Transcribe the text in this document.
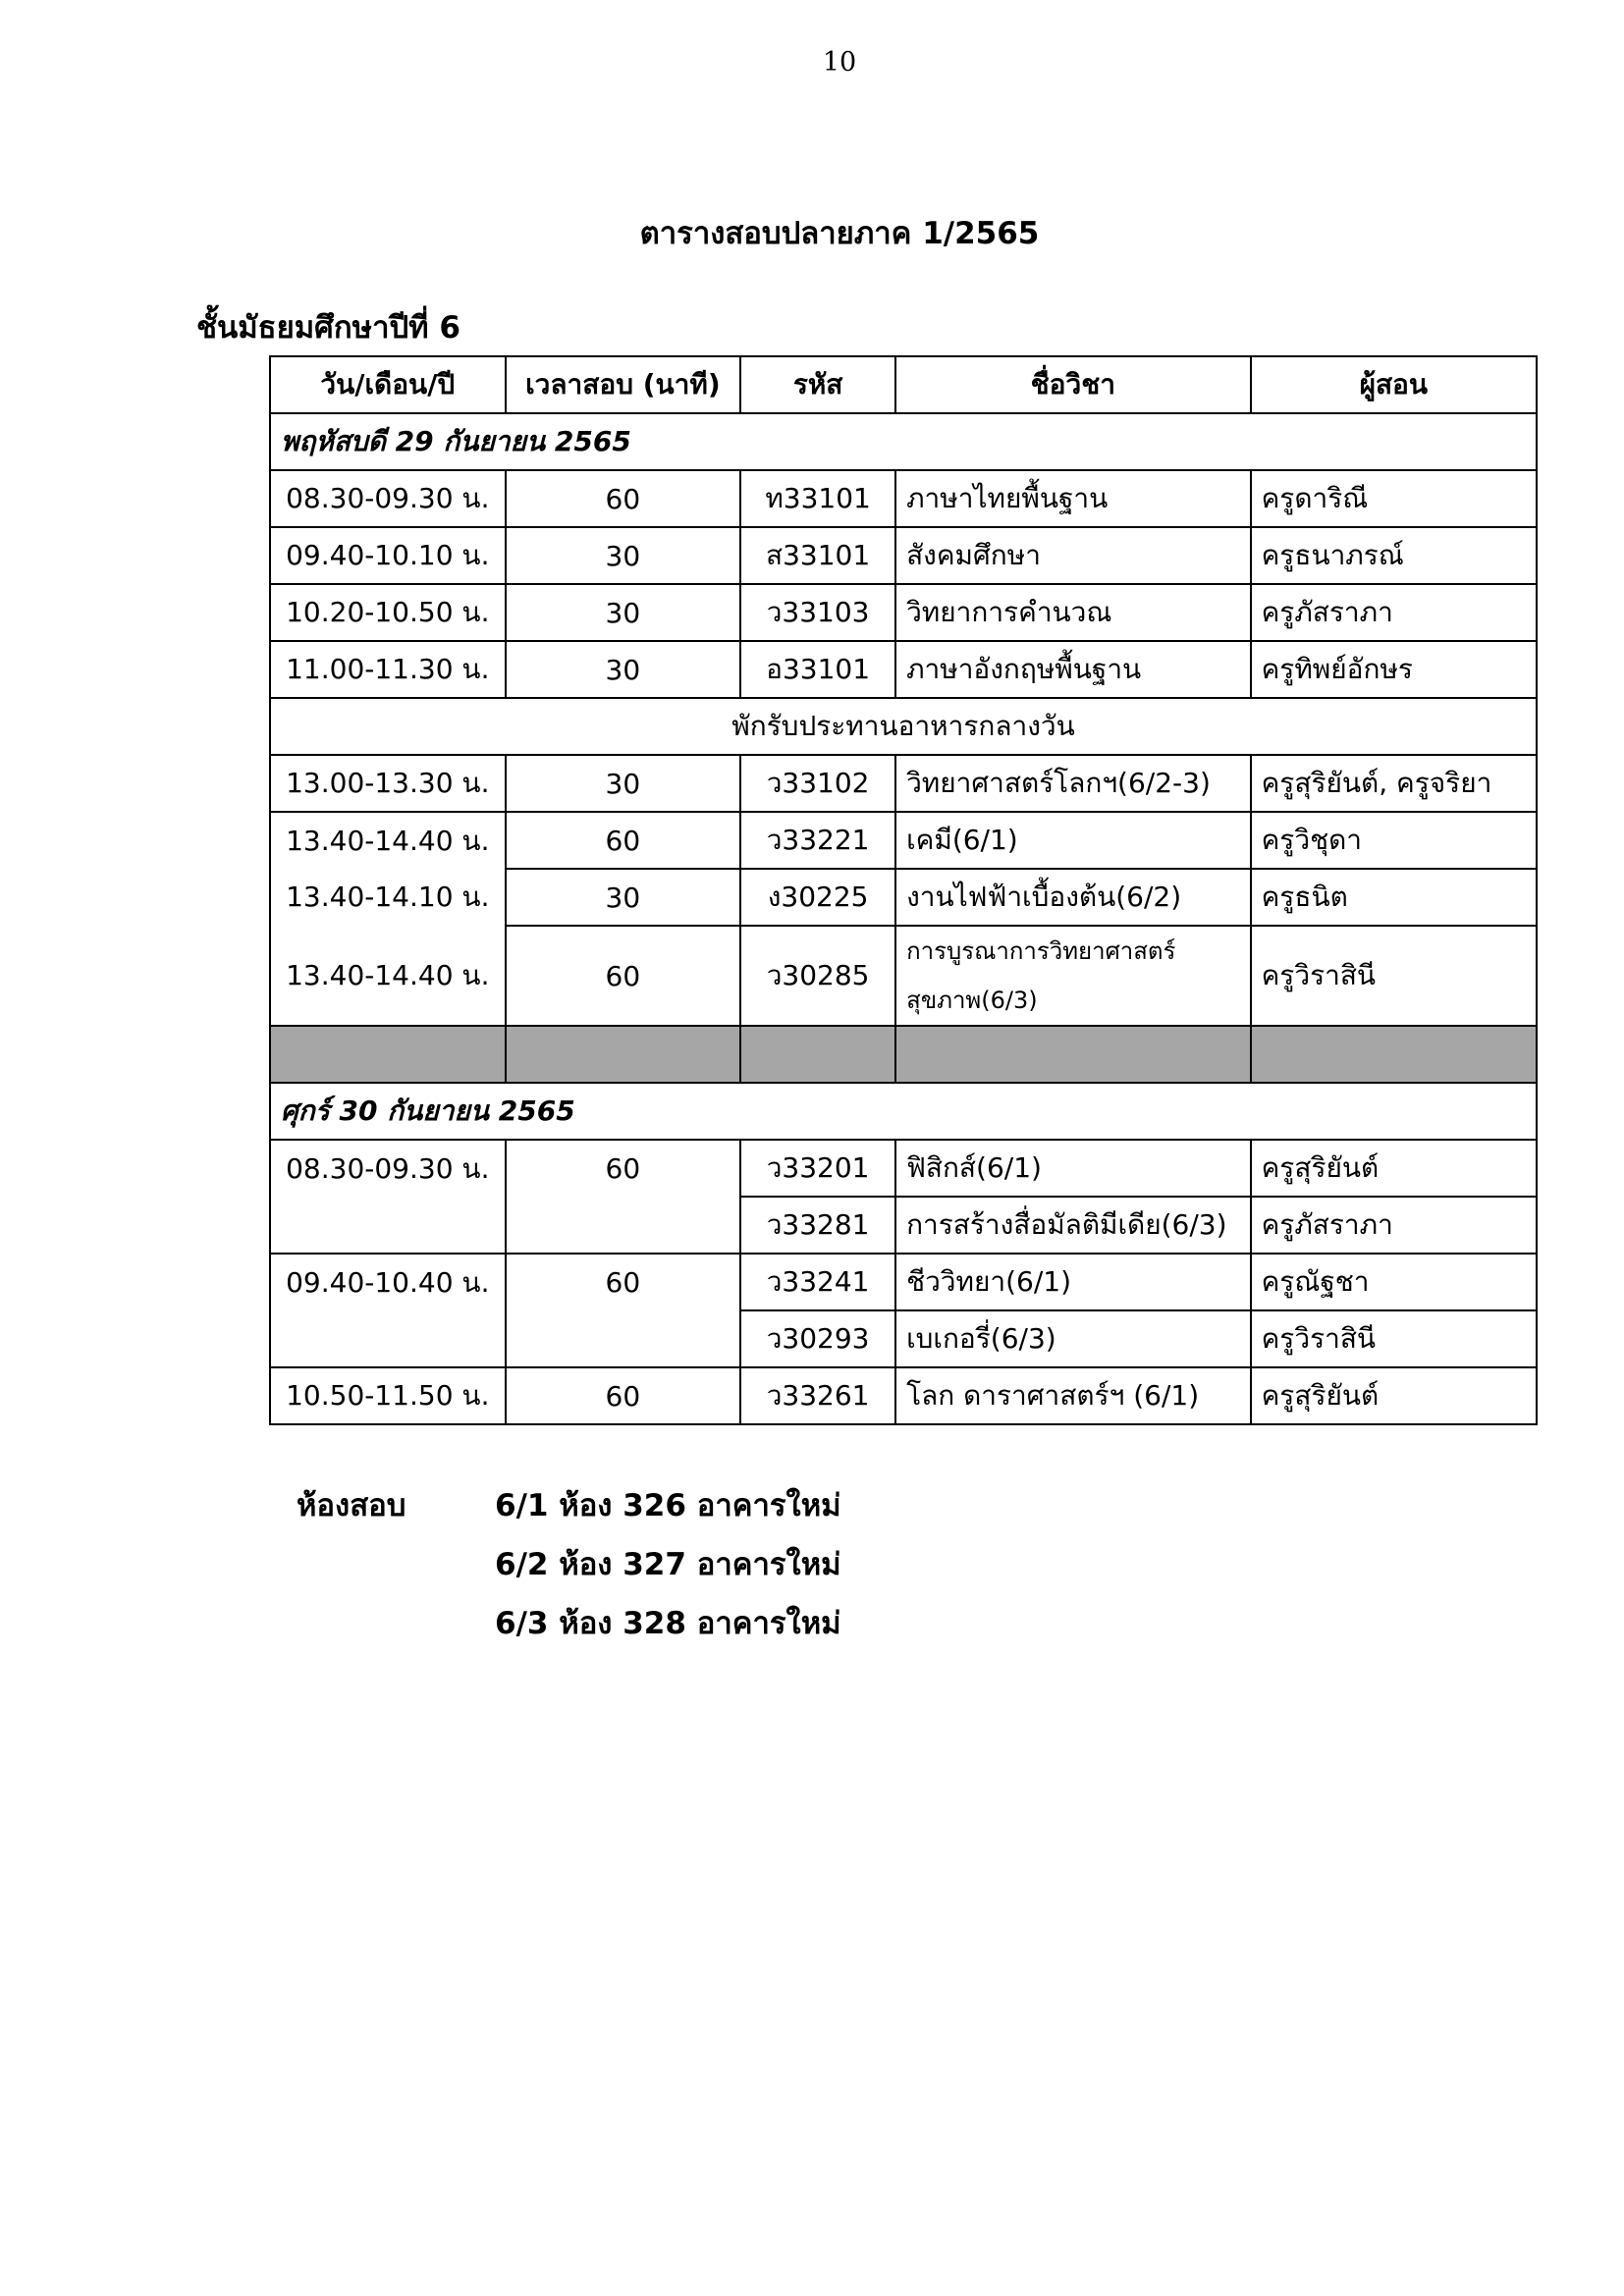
10
ตารางสอบปลายภาค 1/2565
ชั้นมัธยมศึกษาปีที่ 6
วัน/เดือน/ปี	เวลาสอบ (นาที)	รหัส	ชื่อวิชา	ผู้สอน
พฤหัสบดี 29 กันยายน 2565				
08.30-09.30 น.	60	ท33101	ภาษาไทยพื้นฐาน	ครูดาริณี
09.40-10.10 น.	30	ส33101	สังคมศึกษา	ครูธนาภรณ์
10.20-10.50 น.	30	ว33103	วิทยาการคำนวณ	ครูภัสราภา
11.00-11.30 น.	30	อ33101	ภาษาอังกฤษพื้นฐาน	ครูทิพย์อักษร
พักรับประทานอาหารกลางวัน				
13.00-13.30 น.	30	ว33102	วิทยาศาสตร์โลกฯ(6/2-3)	ครูสุริยันต์, ครูจริยา
13.40-14.40 น.	60	ว33221	เคมี(6/1)	ครูวิชุดา
13.40-14.10 น.	30	ง30225	งานไฟฟ้าเบื้องต้น(6/2)	ครูธนิต
13.40-14.40 น.	60	ว30285	การบูรณาการวิทยาศาสตร์
สุขภาพ(6/3)	ครูวิราสินี

ศุกร์ 30 กันยายน 2565				
08.30-09.30 น.	60	ว33201	ฟิสิกส์(6/1)	ครูสุริยันต์
		ว33281	การสร้างสื่อมัลติมีเดีย(6/3)	ครูภัสราภา
09.40-10.40 น.	60	ว33241	ชีววิทยา(6/1)	ครูณัฐชา
		ว30293	เบเกอรี่(6/3)	ครูวิราสินี
10.50-11.50 น.	60	ว33261	โลก ดาราศาสตร์ฯ (6/1)	ครูสุริยันต์
ห้องสอบ	6/1 ห้อง 326 อาคารใหม่
6/2 ห้อง 327 อาคารใหม่
6/3 ห้อง 328 อาคารใหม่
